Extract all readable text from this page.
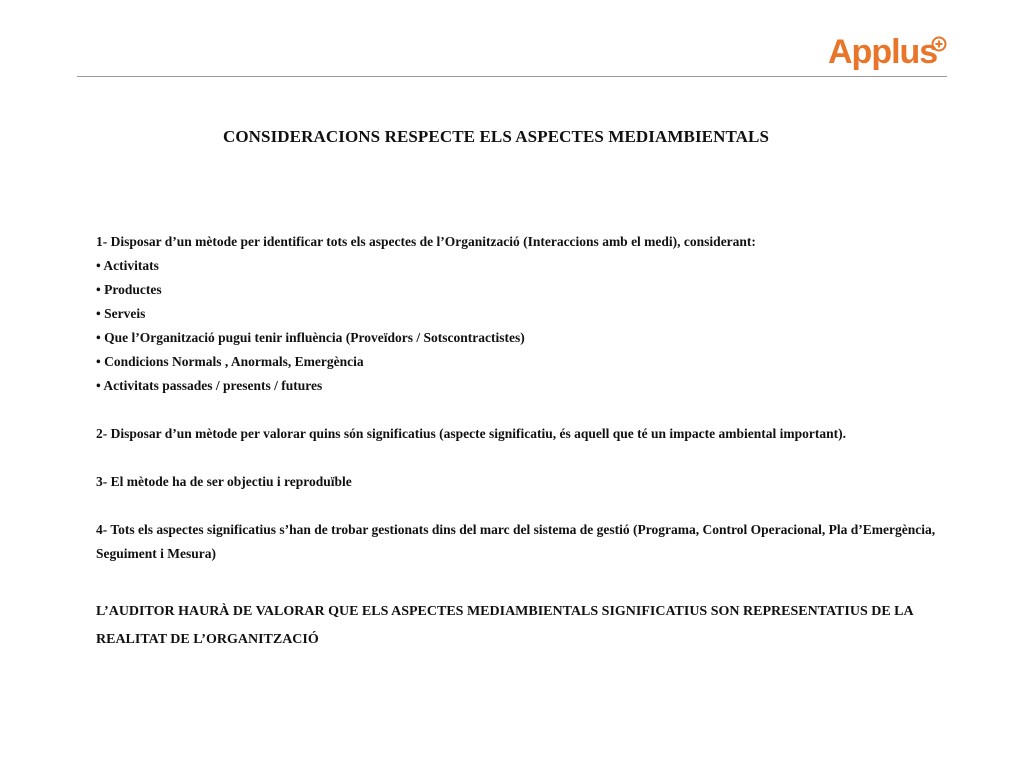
Applus
CONSIDERACIONS RESPECTE ELS ASPECTES MEDIAMBIENTALS

1- Disposar d’un mètode per identificar tots els aspectes de l’Organització (Interaccions amb el medi), considerant:

• Activitats

• Productes

• Serveis

• Que l’Organització pugui tenir influència (Proveïdors / Sotscontractistes)

• Condicions Normals , Anormals, Emergència

• Activitats passades / presents / futures

2- Disposar d’un mètode per valorar quins són significatius (aspecte significatiu, és aquell que té un impacte ambiental important).

3- El mètode ha de ser objectiu i reproduïble

4- Tots els aspectes significatius s’han de trobar gestionats dins del marc del sistema de gestió (Programa, Control Operacional, Pla d’Emergència, Seguiment i Mesura)

L’AUDITOR HAURÀ DE VALORAR QUE ELS ASPECTES MEDIAMBIENTALS SIGNIFICATIUS SON REPRESENTATIUS DE LA REALITAT DE L’ORGANITZACIÓ
